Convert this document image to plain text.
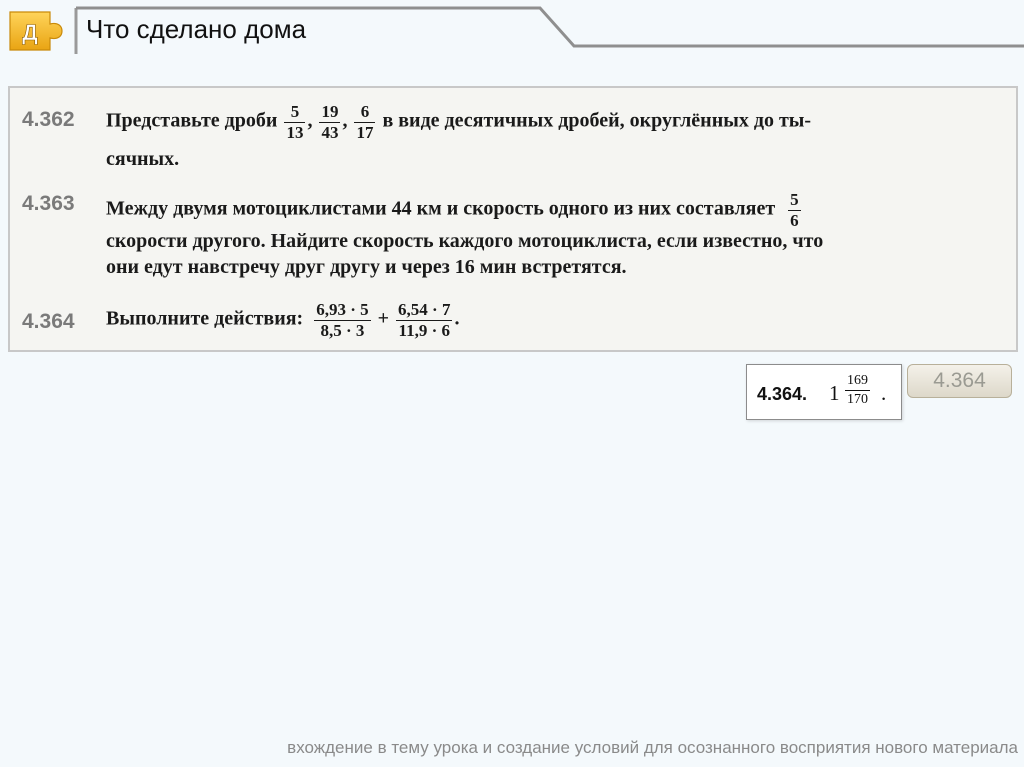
Д Что сделано дома
4.362 Представьте дроби $\frac{5}{13}$ , $\frac{19}{43}$ , $\frac{6}{17}$ в виде десятичных дробей, округлённых до ты-
сячных.
4.363 Между двумя мотоциклистами 44 км и скорость одного из них составляет $\frac{5}{6}$
скорости другого. Найдите скорость каждого мотоциклиста, если известно, что
они едут навстречу друг другу и через 16 мин встретятся.
4.364 Выполните действия: $\frac{6,93 \cdot 5}{8,5 \cdot 3} + \frac{6,54 \cdot 7}{11,9 \cdot 6}$ .
4.364. $1 \frac{169}{170}$ .
4.364
вхождение в тему урока и создание условий для осознанного восприятия нового материала
